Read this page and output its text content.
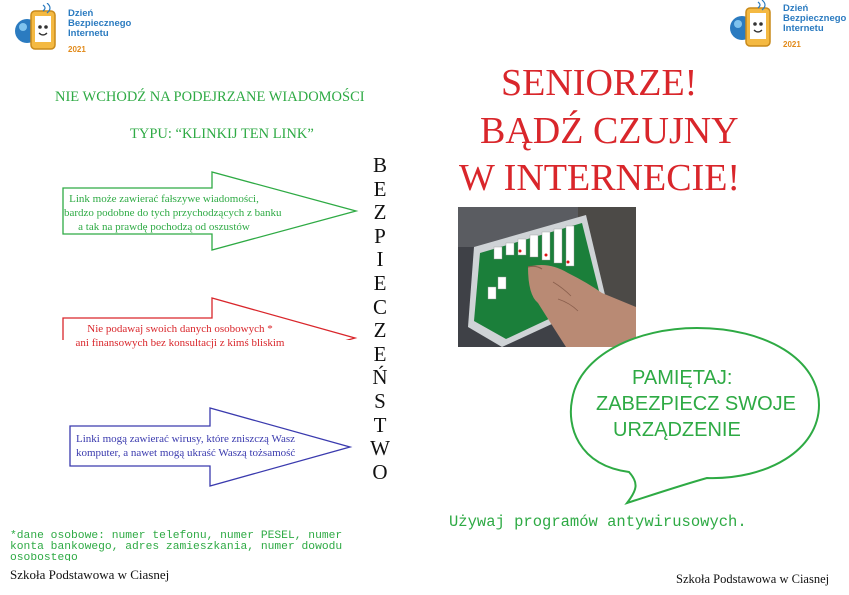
Dzień
Bezpiecznego
Internetu
2021
Dzień
Bezpiecznego
Internetu
2021
NIE WCHODŹ NA PODEJRZANE WIADOMOŚCI
TYPU: “KLINKIJ TEN LINK”
Link może zawierać fałszywe wiadomości,
bardzo podobne do tych przychodzących z banku
a tak na prawdę pochodzą od oszustów
Nie podawaj swoich danych osobowych *
ani finansowych bez konsultacji z kimś bliskim
Linki mogą zawierać wirusy, które zniszczą Wasz
komputer, a nawet mogą ukraść Waszą tożsamość
B
E
Z
P
I
E
C
Z
E
Ń
S
T
W
O
*dane osobowe: numer telefonu, numer PESEL, numer
konta bankowego, adres zamieszkania, numer dowodu
osobostego
Szkoła Podstawowa w Ciasnej
SENIORZE!
BĄDŹ CZUJNY
W INTERNECIE!
PAMIĘTAJ:
ZABEZPIECZ SWOJE
URZĄDZENIE
Używaj programów antywirusowych.
Szkoła Podstawowa w Ciasnej
